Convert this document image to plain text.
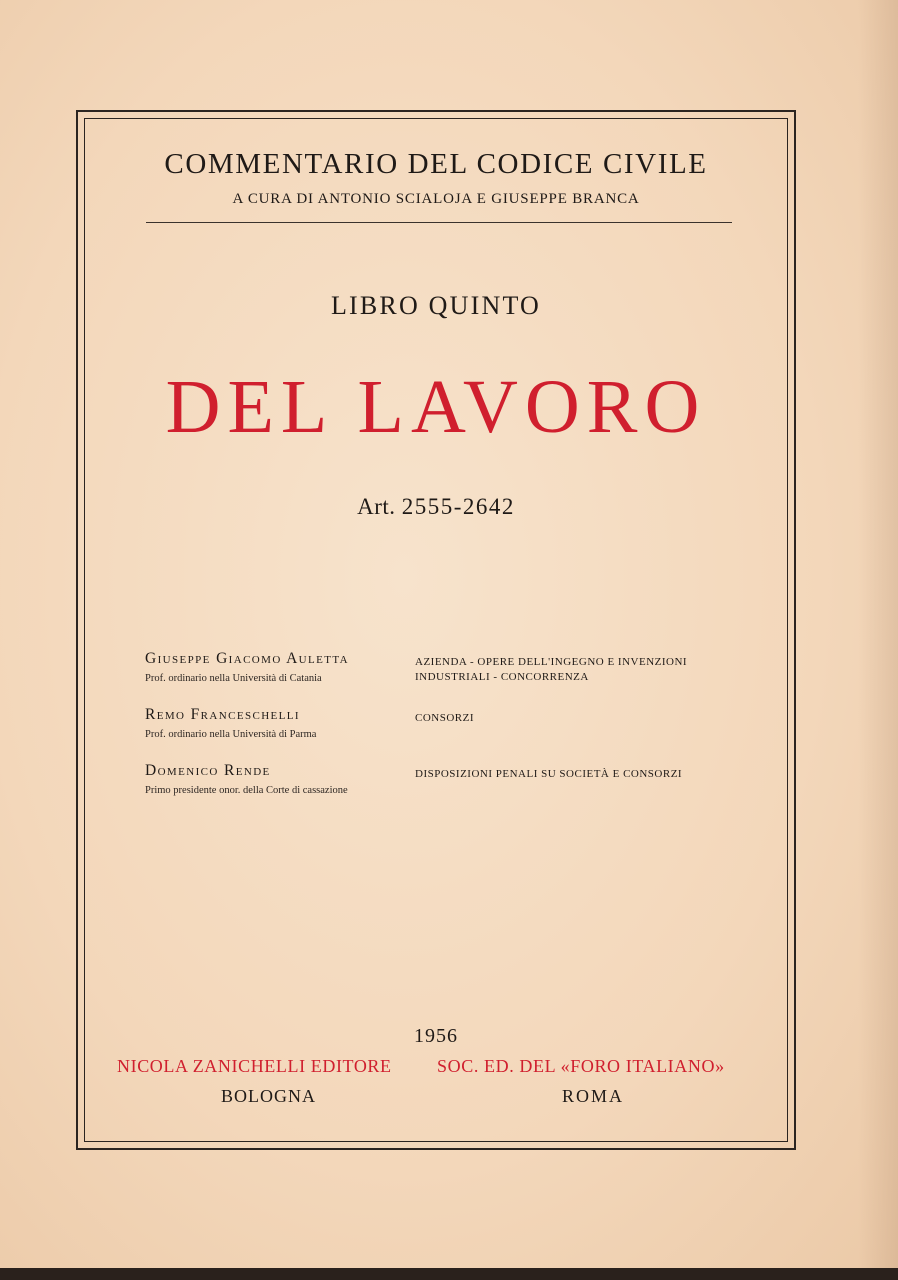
COMMENTARIO DEL CODICE CIVILE
A CURA DI ANTONIO SCIALOJA E GIUSEPPE BRANCA
LIBRO QUINTO
DEL LAVORO
Art. 2555-2642
Giuseppe Giacomo Auletta
Prof. ordinario nella Università di Catania
AZIENDA - OPERE DELL'INGEGNO E INVENZIONI
INDUSTRIALI - CONCORRENZA
Remo Franceschelli
Prof. ordinario nella Università di Parma
CONSORZI
Domenico Rende
Primo presidente onor. della Corte di cassazione
DISPOSIZIONI PENALI SU SOCIETÀ E CONSORZI
1956
NICOLA ZANICHELLI EDITORE	SOC. ED. DEL «FORO ITALIANO»
BOLOGNA	ROMA
